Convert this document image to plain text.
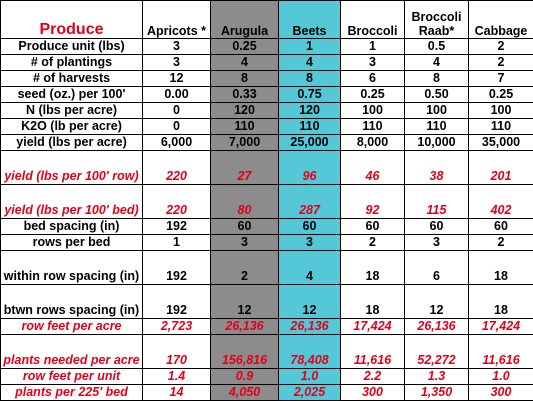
Produce	Apricots *	Arugula	Beets	Broccoli	Broccoli Raab*	Cabbage
Produce unit (lbs)	3	0.25	1	1	0.5	2
# of plantings	3	4	4	3	4	2
# of harvests	12	8	8	6	8	7
seed (oz.) per 100'	0.00	0.33	0.75	0.25	0.50	0.25
N (lbs per acre)	0	120	120	100	100	100
K2O (lb per acre)	0	110	110	110	110	110
yield (lbs per acre)	6,000	7,000	25,000	8,000	10,000	35,000
yield (lbs per 100' row)	220	27	96	46	38	201
yield (lbs per 100' bed)	220	80	287	92	115	402
bed spacing (in)	192	60	60	60	60	60
rows per bed	1	3	3	2	3	2
within row spacing (in)	192	2	4	18	6	18
btwn rows spacing (in)	192	12	12	18	12	18
row feet per acre	2,723	26,136	26,136	17,424	26,136	17,424
plants needed per acre	170	156,816	78,408	11,616	52,272	11,616
row feet per unit	1.4	0.9	1.0	2.2	1.3	1.0
plants per 225' bed	14	4,050	2,025	300	1,350	300
